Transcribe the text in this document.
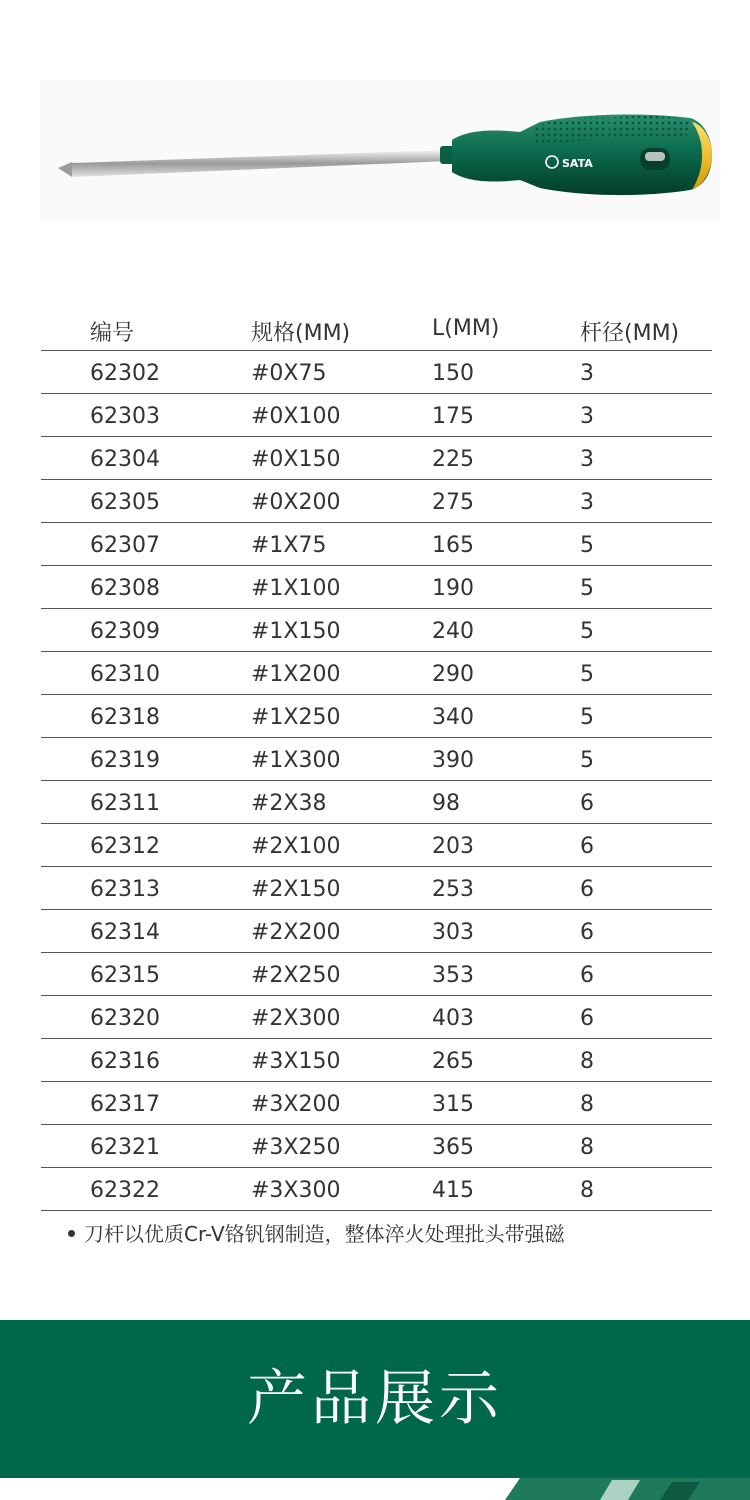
SATA
编号	规格(MM)	L(MM)	杆径(MM)
62302	#0X75	150	3
62303	#0X100	175	3
62304	#0X150	225	3
62305	#0X200	275	3
62307	#1X75	165	5
62308	#1X100	190	5
62309	#1X150	240	5
62310	#1X200	290	5
62318	#1X250	340	5
62319	#1X300	390	5
62311	#2X38	98	6
62312	#2X100	203	6
62313	#2X150	253	6
62314	#2X200	303	6
62315	#2X250	353	6
62320	#2X300	403	6
62316	#3X150	265	8
62317	#3X200	315	8
62321	#3X250	365	8
62322	#3X300	415	8
刀杆以优质Cr-V铬钒钢制造，整体淬火处理批头带强磁
产品展示
